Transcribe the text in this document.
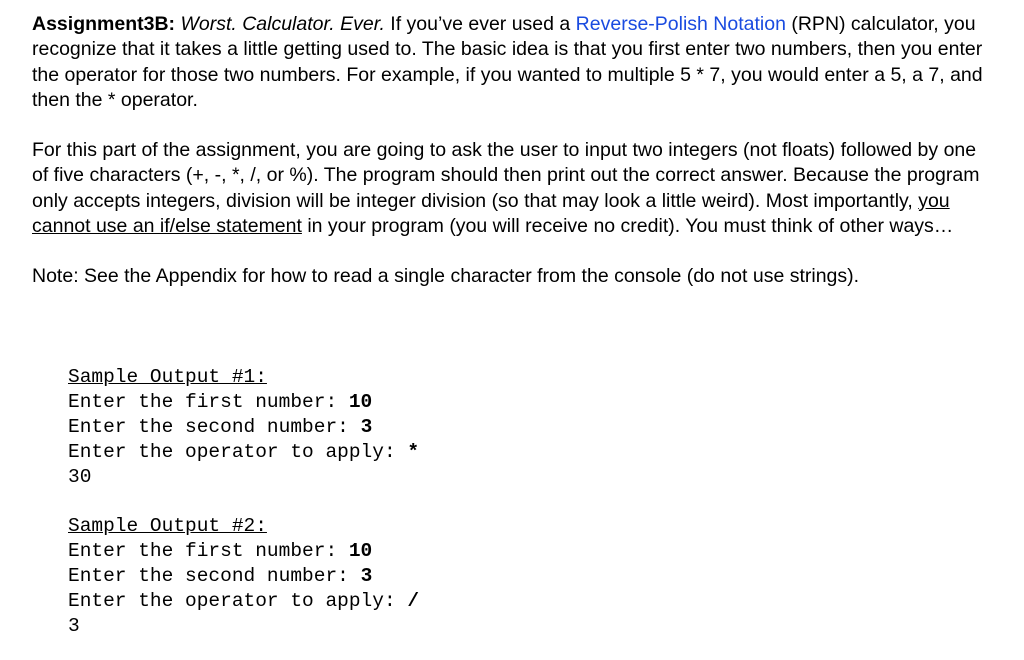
Assignment3B: Worst. Calculator. Ever. If you’ve ever used a Reverse-Polish Notation (RPN) calculator, you recognize that it takes a little getting used to. The basic idea is that you first enter two numbers, then you enter the operator for those two numbers. For example, if you wanted to multiple 5 * 7, you would enter a 5, a 7, and then the * operator.

For this part of the assignment, you are going to ask the user to input two integers (not floats) followed by one of five characters (+, -, *, /, or %). The program should then print out the correct answer. Because the program only accepts integers, division will be integer division (so that may look a little weird). Most importantly, you cannot use an if/else statement in your program (you will receive no credit). You must think of other ways…

Note: See the Appendix for how to read a single character from the console (do not use strings).

Sample Output #1:
Enter the first number: 10
Enter the second number: 3
Enter the operator to apply: *
30
Sample Output #2:
Enter the first number: 10
Enter the second number: 3
Enter the operator to apply: /
3
